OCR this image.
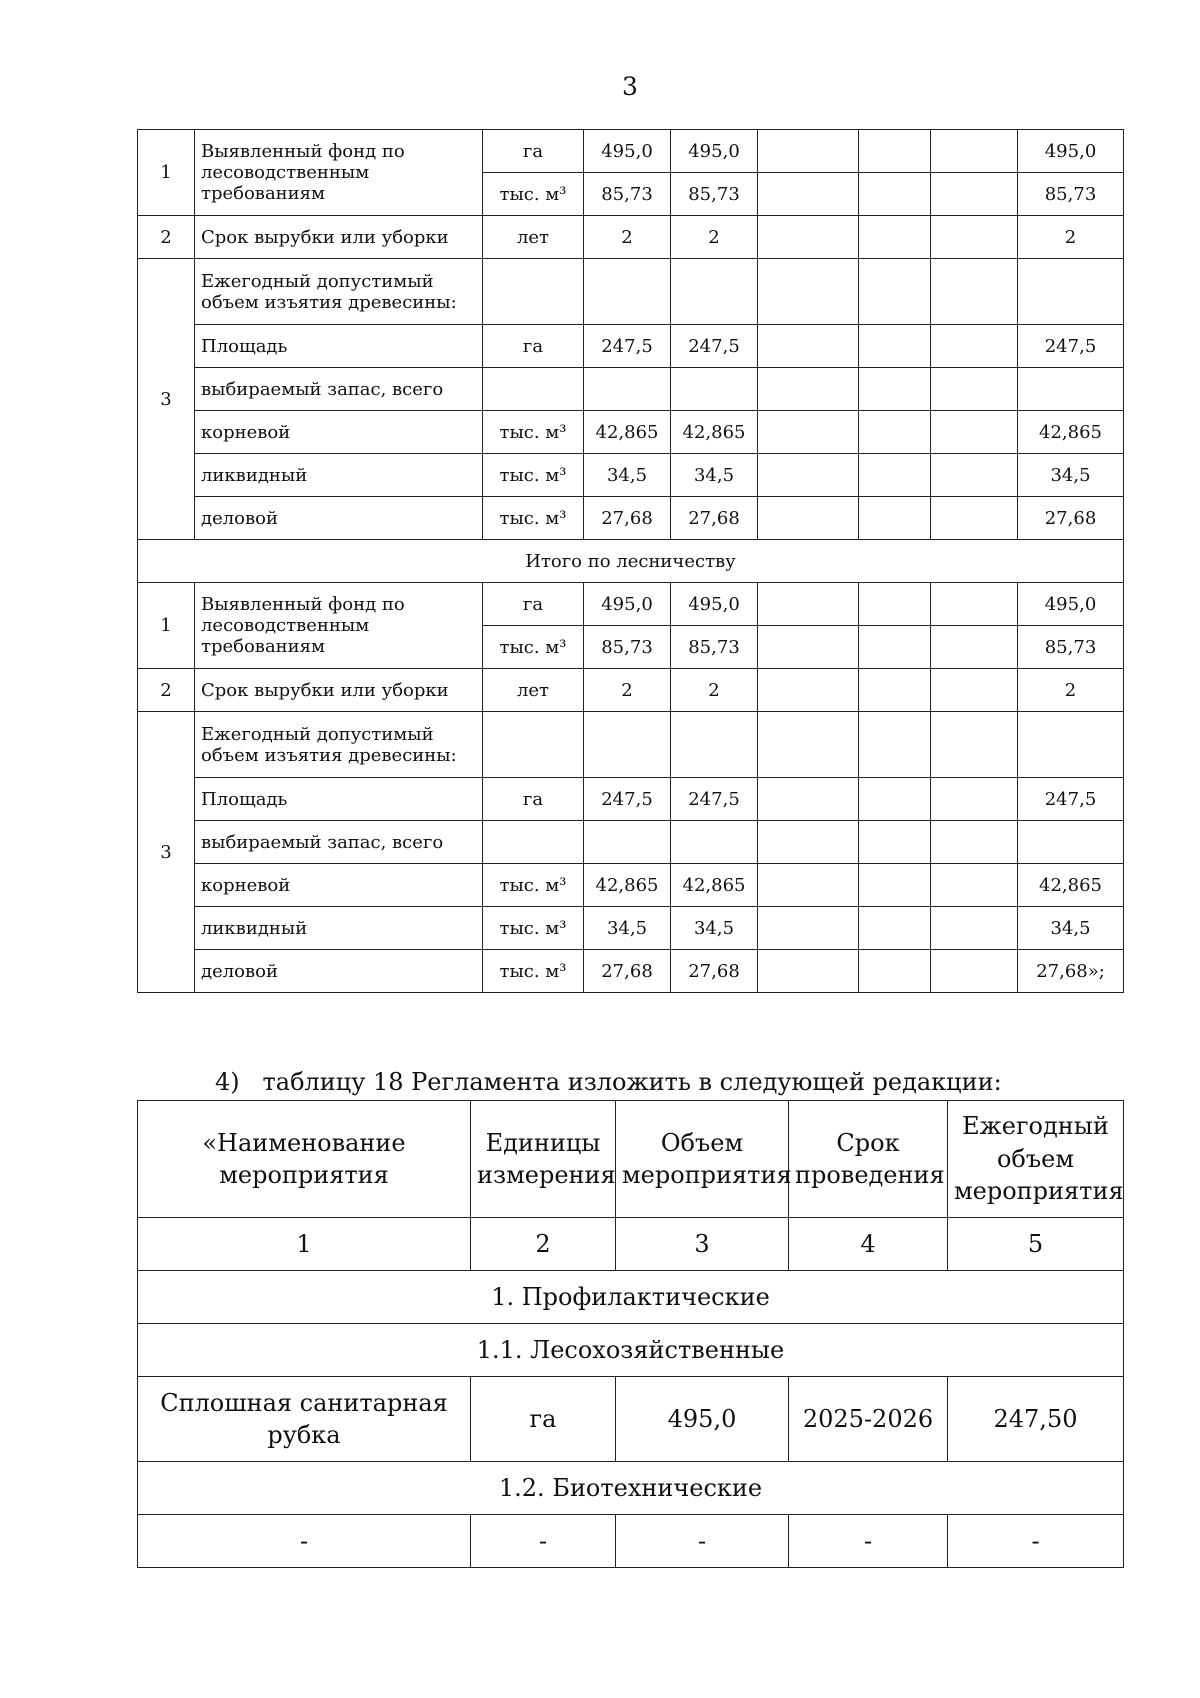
3
1	Выявленный фонд по лесоводственным требованиям	га	495,0	495,0				495,0
		тыс. м³	85,73	85,73				85,73
2	Срок вырубки или уборки	лет	2	2				2
3	Ежегодный допустимый объем изъятия древесины:							
	Площадь	га	247,5	247,5				247,5
	выбираемый запас, всего							
	корневой	тыс. м³	42,865	42,865				42,865
	ликвидный	тыс. м³	34,5	34,5				34,5
	деловой	тыс. м³	27,68	27,68				27,68
Итого по лесничеству								
1	Выявленный фонд по лесоводственным требованиям	га	495,0	495,0				495,0
		тыс. м³	85,73	85,73				85,73
2	Срок вырубки или уборки	лет	2	2				2
3	Ежегодный допустимый объем изъятия древесины:							
	Площадь	га	247,5	247,5				247,5
	выбираемый запас, всего							
	корневой	тыс. м³	42,865	42,865				42,865
	ликвидный	тыс. м³	34,5	34,5				34,5
	деловой	тыс. м³	27,68	27,68				27,68»;
4)   таблицу 18 Регламента изложить в следующей редакции:
«Наименование мероприятия	Единицы измерения	Объем мероприятия	Срок проведения	Ежегодный объем мероприятия
1	2	3	4	5
1. Профилактические				
1.1. Лесохозяйственные				
Сплошная санитарная рубка	га	495,0	2025-2026	247,50
1.2. Биотехнические				
-	-	-	-	-
